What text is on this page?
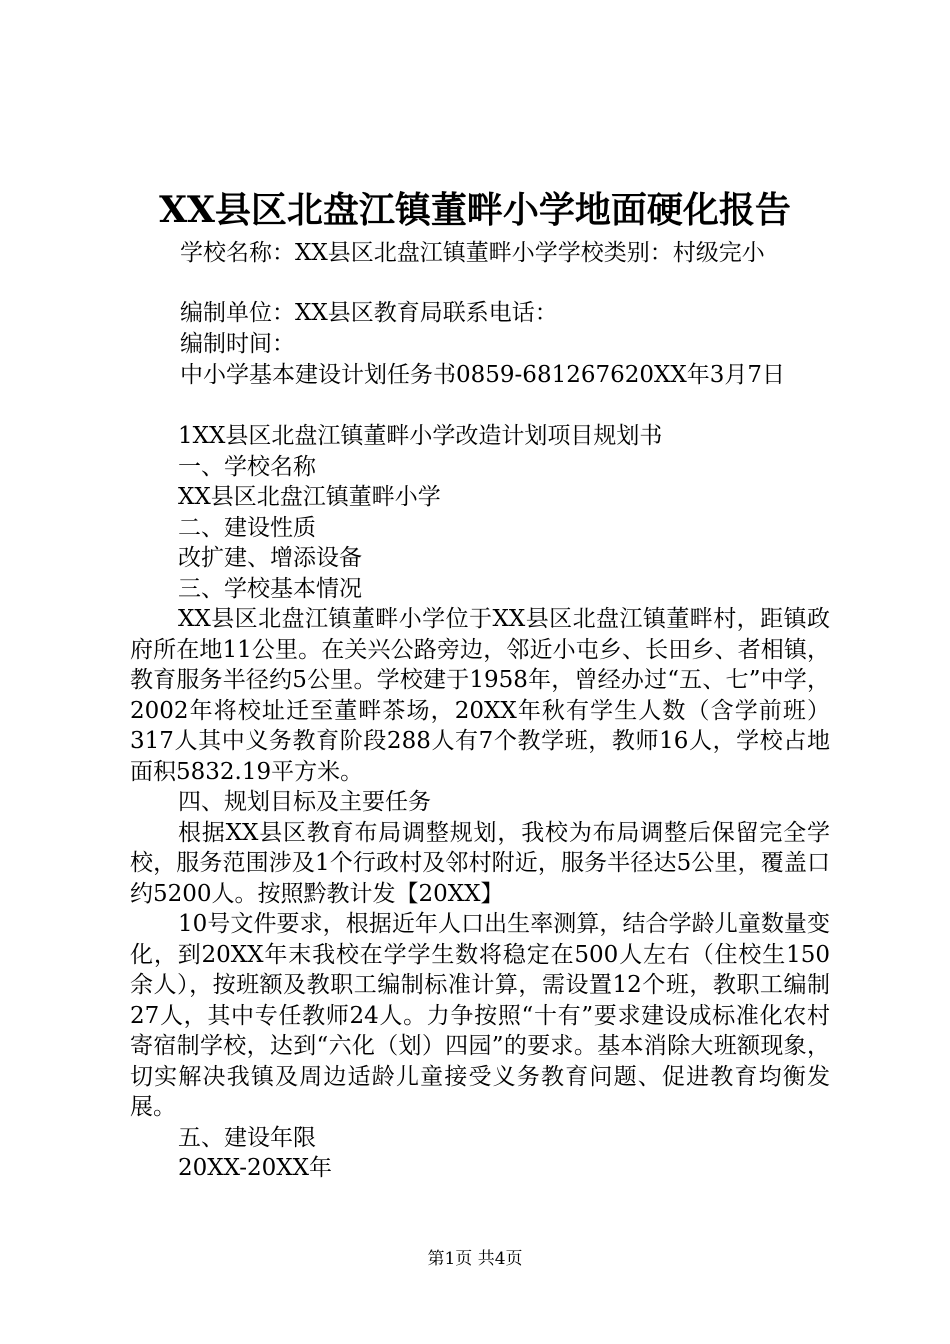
XX县区北盘江镇董畔小学地面硬化报告
学校名称：XX县区北盘江镇董畔小学学校类别：村级完小
编制单位：XX县区教育局联系电话：
编制时间：
中小学基本建设计划任务书0859-681267620XX年3月7日

1XX县区北盘江镇董畔小学改造计划项目规划书

一、学校名称

XX县区北盘江镇董畔小学

二、建设性质

改扩建、增添设备

三、学校基本情况

XX县区北盘江镇董畔小学位于XX县区北盘江镇董畔村，距镇政府所在地11公里。在关兴公路旁边，邻近小屯乡、长田乡、者相镇，教育服务半径约5公里。学校建于1958年，曾经办过“五、七”中学，2002年将校址迁至董畔茶场，20XX年秋有学生人数（含学前班）317人其中义务教育阶段288人有7个教学班，教师16人，学校占地面积5832.19平方米。

四、规划目标及主要任务

根据XX县区教育布局调整规划，我校为布局调整后保留完全学校，服务范围涉及1个行政村及邻村附近，服务半径达5公里，覆盖口约5200人。按照黔教计发【20XX】

10号文件要求，根据近年人口出生率测算，结合学龄儿童数量变化，到20XX年末我校在学学生数将稳定在500人左右（住校生150余人），按班额及教职工编制标准计算，需设置12个班，教职工编制27人，其中专任教师24人。力争按照“十有”要求建设成标准化农村寄宿制学校，达到“六化（划）四园”的要求。基本消除大班额现象，切实解决我镇及周边适龄儿童接受义务教育问题、促进教育均衡发展。

五、建设年限

20XX-20XX年

第1页 共4页
